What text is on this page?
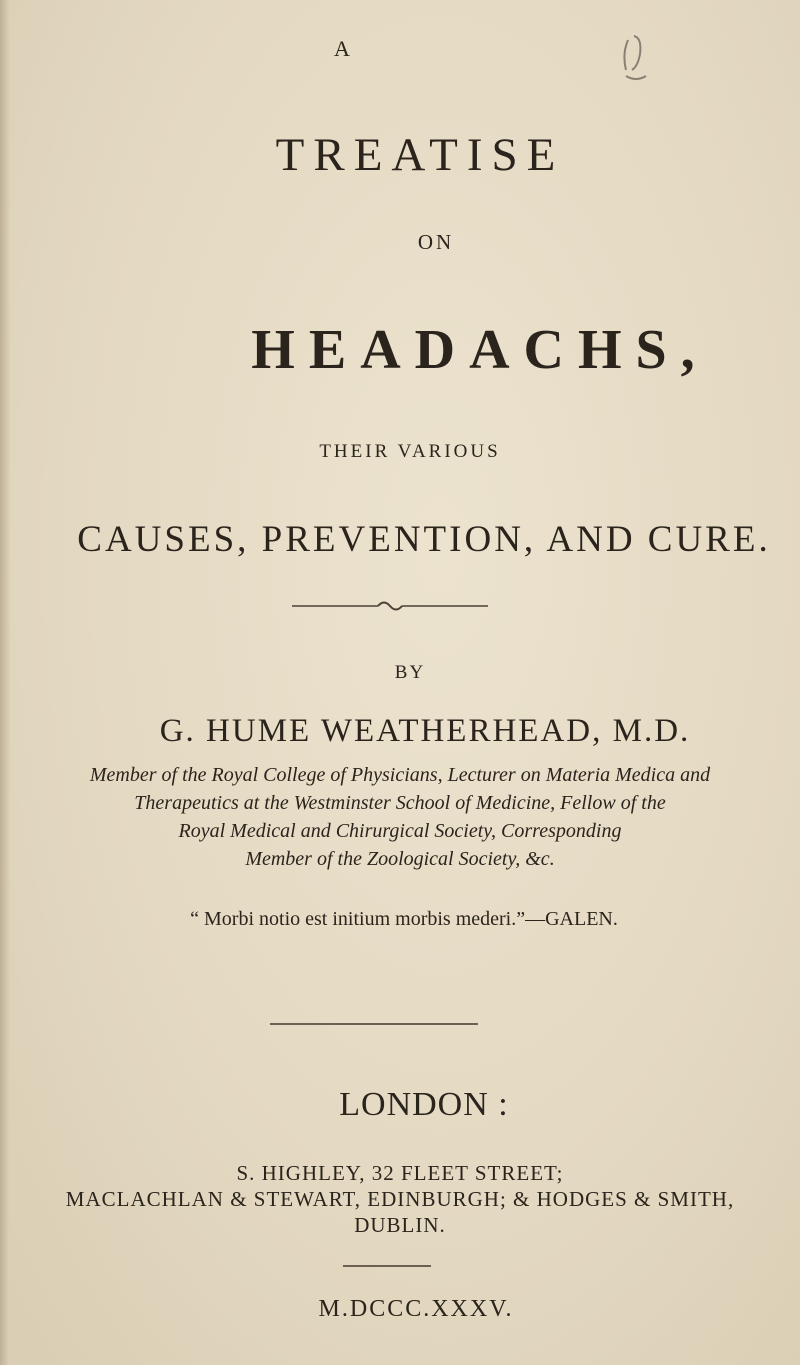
A
TREATISE
ON
HEADACHS,
THEIR VARIOUS
CAUSES, PREVENTION, AND CURE.
BY
G. HUME WEATHERHEAD, M.D.
Member of the Royal College of Physicians, Lecturer on Materia Medica and
Therapeutics at the Westminster School of Medicine, Fellow of the
Royal Medical and Chirurgical Society, Corresponding
Member of the Zoological Society, &c.
“ Morbi notio est initium morbis mederi.”—GALEN.
LONDON :
S. HIGHLEY, 32 FLEET STREET;
MACLACHLAN & STEWART, EDINBURGH; & HODGES & SMITH,
DUBLIN.
M.DCCC.XXXV.
